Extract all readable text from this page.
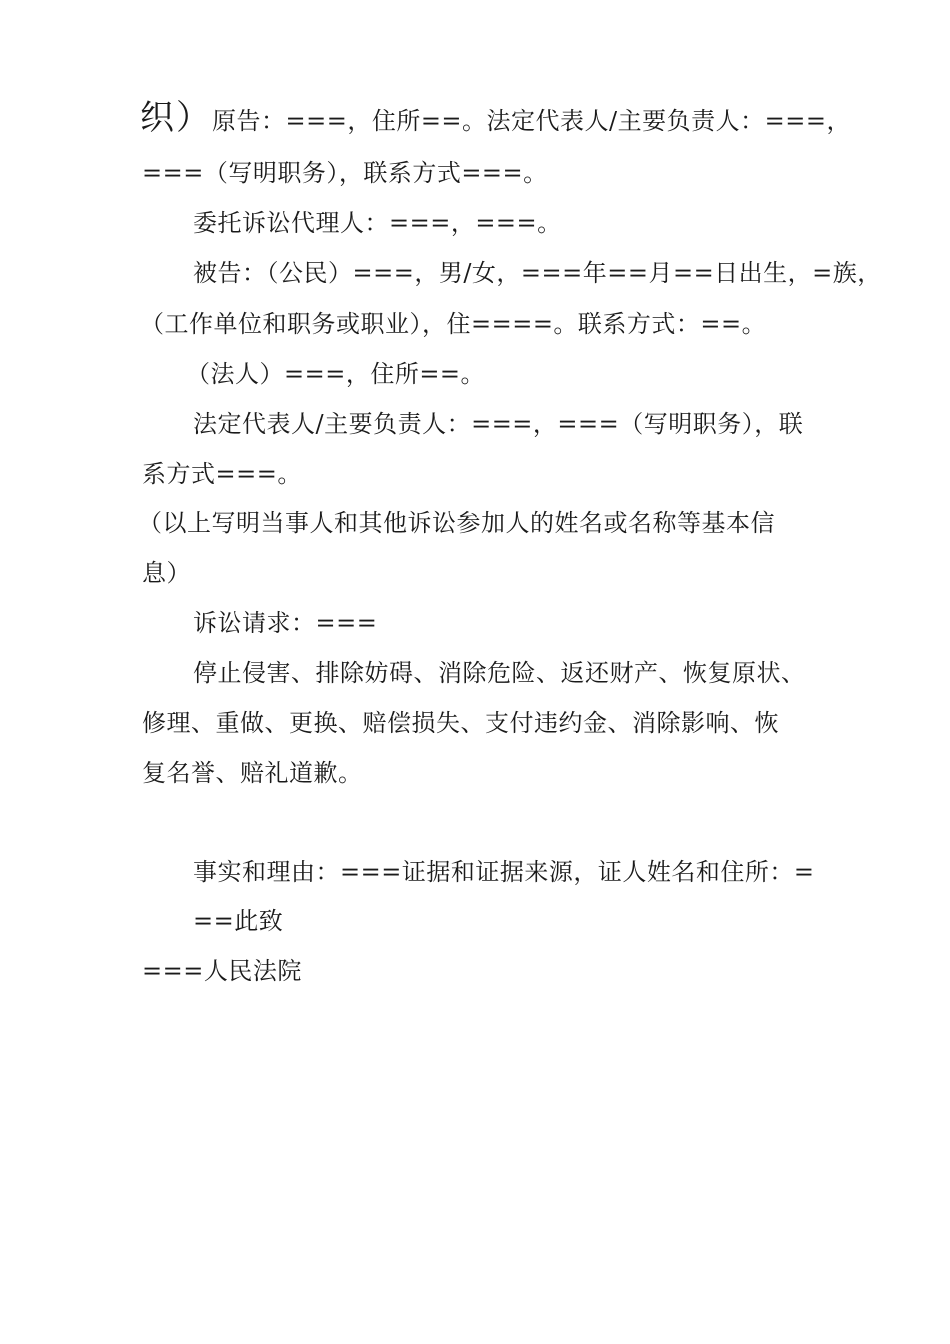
织）原告：===，住所==。法定代表人/主要负责人：===，
===（写明职务），联系方式===。
委托诉讼代理人：===，===。
被告：（公民）===，男/女，===年==月==日出生，=族，
（工作单位和职务或职业），住====。联系方式：==。
（法人）===，住所==。
法定代表人/主要负责人：===，===（写明职务），联
系方式===。
（以上写明当事人和其他诉讼参加人的姓名或名称等基本信
息）
诉讼请求：===
停止侵害、排除妨碍、消除危险、返还财产、恢复原状、
修理、重做、更换、赔偿损失、支付违约金、消除影响、恢
复名誉、赔礼道歉。
事实和理由：===证据和证据来源，证人姓名和住所：=
==此致
===人民法院
